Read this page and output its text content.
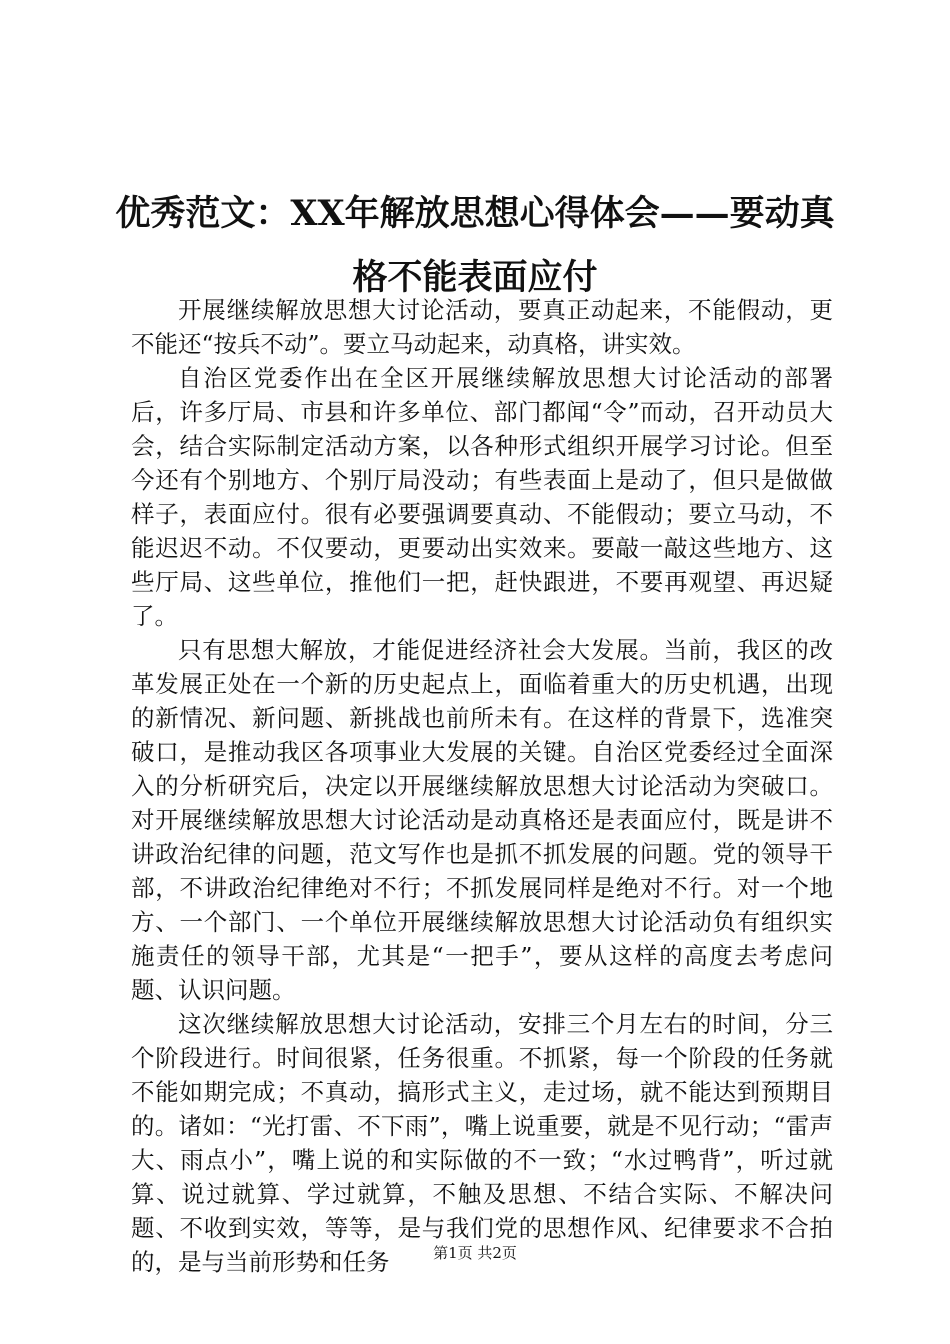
优秀范文：XX年解放思想心得体会——要动真格不能表面应付

开展继续解放思想大讨论活动，要真正动起来，不能假动，更不能还“按兵不动”。要立马动起来，动真格，讲实效。

自治区党委作出在全区开展继续解放思想大讨论活动的部署后，许多厅局、市县和许多单位、部门都闻“令”而动，召开动员大会，结合实际制定活动方案，以各种形式组织开展学习讨论。但至今还有个别地方、个别厅局没动；有些表面上是动了，但只是做做样子，表面应付。很有必要强调要真动、不能假动；要立马动，不能迟迟不动。不仅要动，更要动出实效来。要敲一敲这些地方、这些厅局、这些单位，推他们一把，赶快跟进，不要再观望、再迟疑了。

只有思想大解放，才能促进经济社会大发展。当前，我区的改革发展正处在一个新的历史起点上，面临着重大的历史机遇，出现的新情况、新问题、新挑战也前所未有。在这样的背景下，选准突破口，是推动我区各项事业大发展的关键。自治区党委经过全面深入的分析研究后，决定以开展继续解放思想大讨论活动为突破口。对开展继续解放思想大讨论活动是动真格还是表面应付，既是讲不讲政治纪律的问题，范文写作也是抓不抓发展的问题。党的领导干部，不讲政治纪律绝对不行；不抓发展同样是绝对不行。对一个地方、一个部门、一个单位开展继续解放思想大讨论活动负有组织实施责任的领导干部，尤其是“一把手”，要从这样的高度去考虑问题、认识问题。

这次继续解放思想大讨论活动，安排三个月左右的时间，分三个阶段进行。时间很紧，任务很重。不抓紧，每一个阶段的任务就不能如期完成；不真动，搞形式主义，走过场，就不能达到预期目的。诸如：“光打雷、不下雨”，嘴上说重要，就是不见行动；“雷声大、雨点小”，嘴上说的和实际做的不一致；“水过鸭背”，听过就算、说过就算、学过就算，不触及思想、不结合实际、不解决问题、不收到实效，等等，是与我们党的思想作风、纪律要求不合拍的，是与当前形势和任务	第1页 共2页
